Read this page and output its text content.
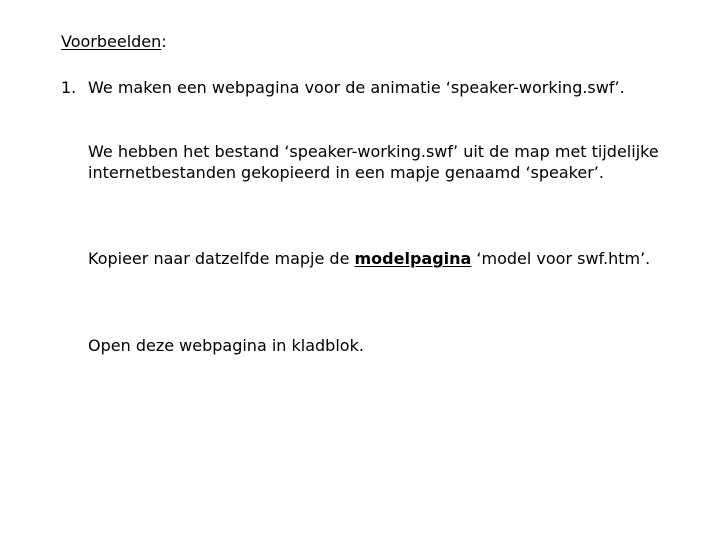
Voorbeelden:
1. We maken een webpagina voor de animatie ‘speaker-working.swf’.
We hebben het bestand ‘speaker-working.swf’ uit de map met tijdelijke internetbestanden gekopieerd in een mapje genaamd ‘speaker’.
Kopieer naar datzelfde mapje de modelpagina ‘model voor swf.htm’.
Open deze webpagina in kladblok.
